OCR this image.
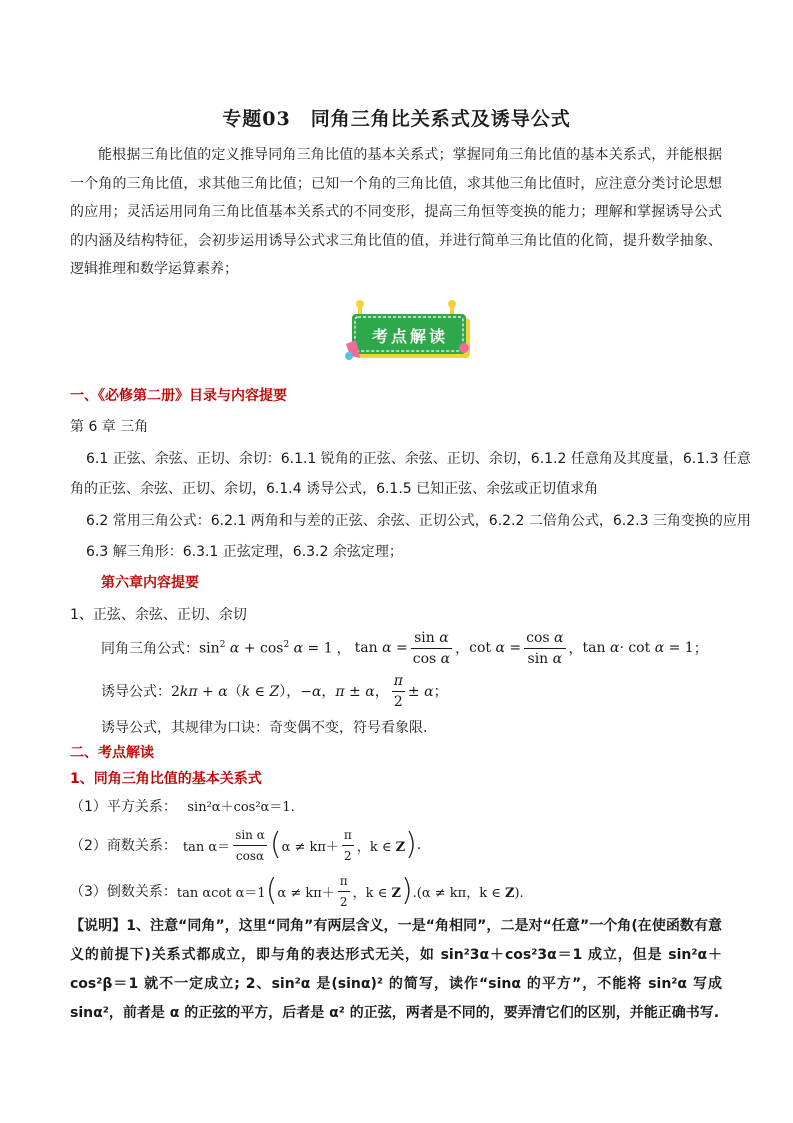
专题03　同角三角比关系式及诱导公式

能根据三角比值的定义推导同角三角比值的基本关系式；掌握同角三角比值的基本关系式，并能根据一个角的三角比值，求其他三角比值；已知一个角的三角比值，求其他三角比值时，应注意分类讨论思想的应用；灵活运用同角三角比值基本关系式的不同变形，提高三角恒等变换的能力；理解和掌握诱导公式的内涵及结构特征，会初步运用诱导公式求三角比值的值，并进行简单三角比值的化简，提升数学抽象、逻辑推理和数学运算素养；

考点解读
一、《必修第二册》目录与内容提要
第 6 章 三角
6.1 正弦、余弦、正切、余切：6.1.1 锐角的正弦、余弦、正切、余切，6.1.2 任意角及其度量，6.1.3 任意
角的正弦、余弦、正切、余切，6.1.4 诱导公式，6.1.5 已知正弦、余弦或正切值求角
6.2 常用三角公式：6.2.1 两角和与差的正弦、余弦、正切公式，6.2.2 二倍角公式，6.2.3 三角变换的应用
6.3 解三角形：6.3.1 正弦定理，6.3.2 余弦定理；
第六章内容提要
1、正弦、余弦、正切、余切
同角三角公式： $\sin^2 \alpha + \cos^2 \alpha = 1$ ， $\tan \alpha = \frac{\text{sin α}}{\text{cos α}}$ ， $\cot \alpha = \frac{\text{cos α}}{\text{sin α}}$ ， tan α· cot α = 1 ；
诱导公式： 2kπ + α（k ∈ Z），−α，π ± α， $\frac{\pi}{2} \pm \alpha$；
诱导公式，其规律为口诀：奇变偶不变，符号看象限.
二、考点解读
1、同角三角比值的基本关系式
（1）平方关系： sin²α＋cos²α＝1.
（2）商数关系： $\tan \alpha= \frac{\text{sin α}}{\cos\alpha}$ ( $\alpha \ne k\pi+ \frac{\pi}{2}$ ，k ∈ Z ) .
（3）倒数关系： tan αcot α＝1 ( $\alpha \ne k\pi+ \frac{\pi}{2}$ ，k ∈ Z ) .(α ≠ kπ，k ∈ Z).
【说明】1、注意“同角”，这里“同角”有两层含义，一是“角相同”，二是对“任意”一个角(在使函数有意义的前提下)关系式都成立，即与角的表达形式无关，如 sin²3α＋cos²3α＝1 成立，但是 sin²α＋cos²β＝1 就不一定成立; 2、sin²α 是(sinα)² 的简写，读作“sinα 的平方”，不能将 sin²α 写成 sinα²，前者是 α 的正弦的平方，后者是 α² 的正弦，两者是不同的，要弄清它们的区别，并能正确书写.
